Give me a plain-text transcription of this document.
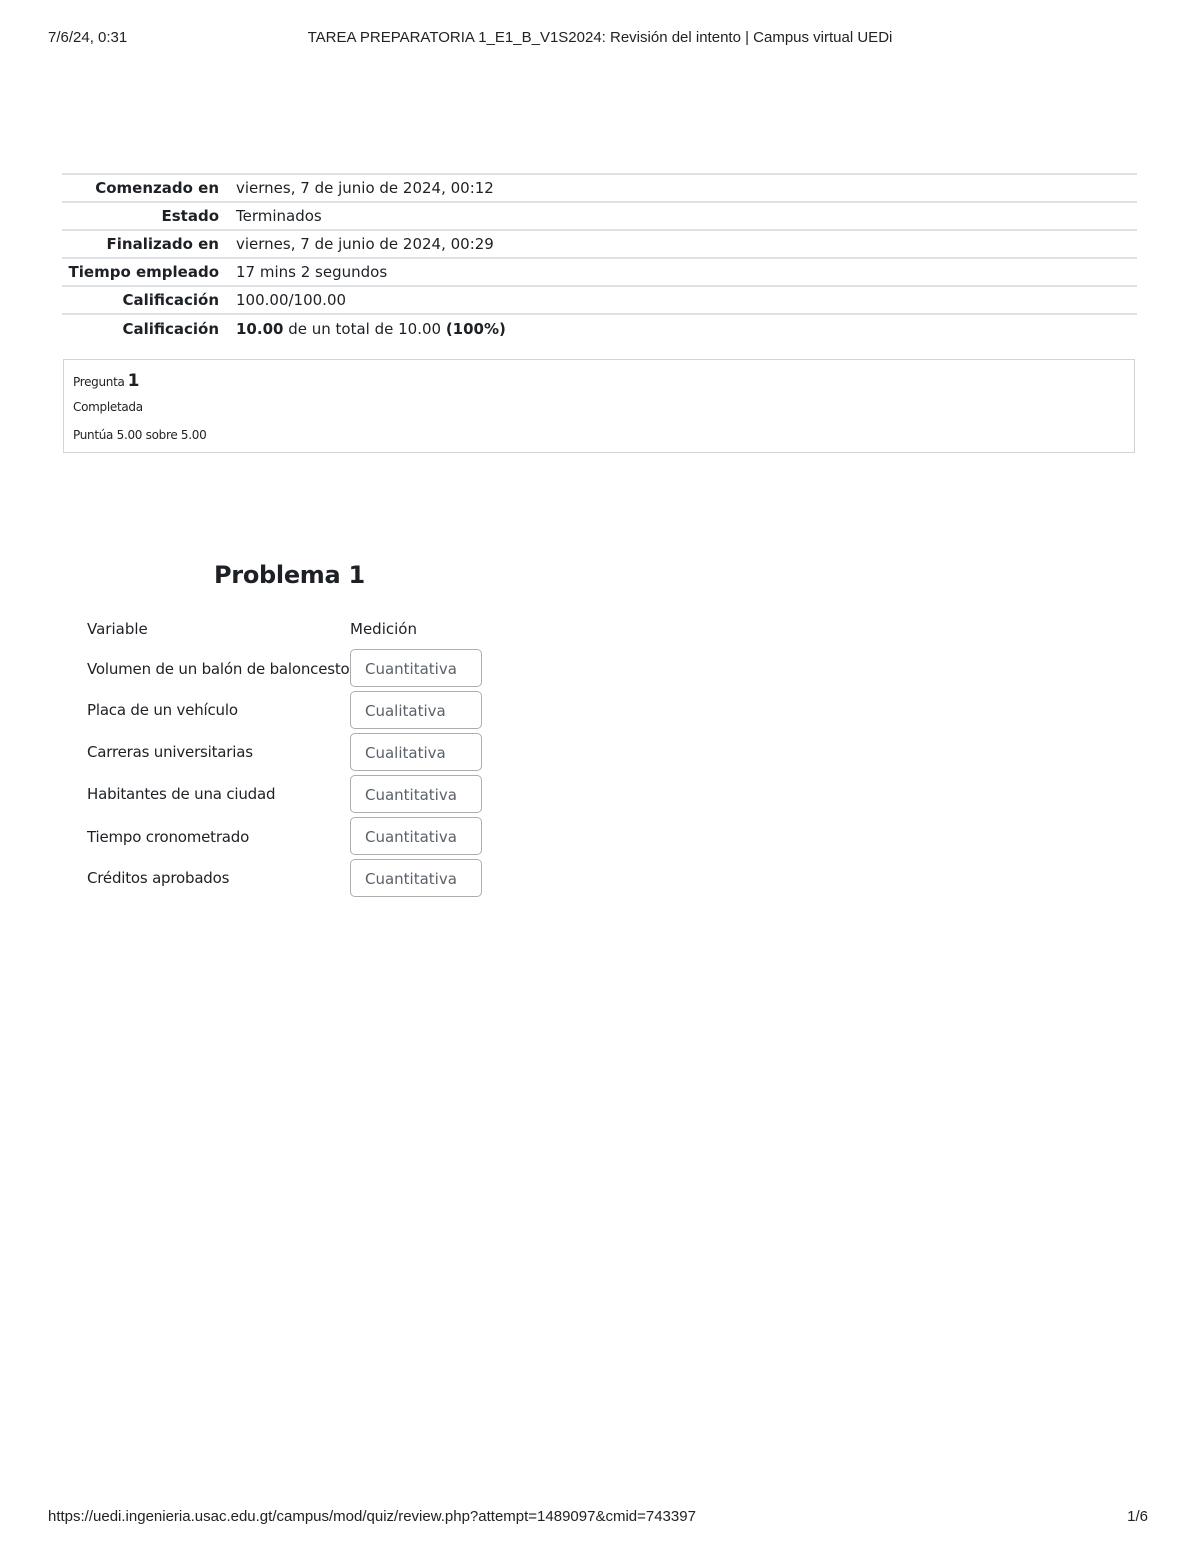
7/6/24, 0:31	TAREA PREPARATORIA 1_E1_B_V1S2024: Revisión del intento | Campus virtual UEDi
Comenzado en	viernes, 7 de junio de 2024, 00:12
Estado	Terminados
Finalizado en	viernes, 7 de junio de 2024, 00:29
Tiempo empleado	17 mins 2 segundos
Calificación	100.00/100.00
Calificación	10.00 de un total de 10.00 (100%)
Pregunta 1
Completada
Puntúa 5.00 sobre 5.00
Problema 1
Variable	Medición
Volumen de un balón de baloncesto	Cuantitativa
Placa de un vehículo	Cualitativa
Carreras universitarias	Cualitativa
Habitantes de una ciudad	Cuantitativa
Tiempo cronometrado	Cuantitativa
Créditos aprobados	Cuantitativa
https://uedi.ingenieria.usac.edu.gt/campus/mod/quiz/review.php?attempt=1489097&cmid=743397	1/6
